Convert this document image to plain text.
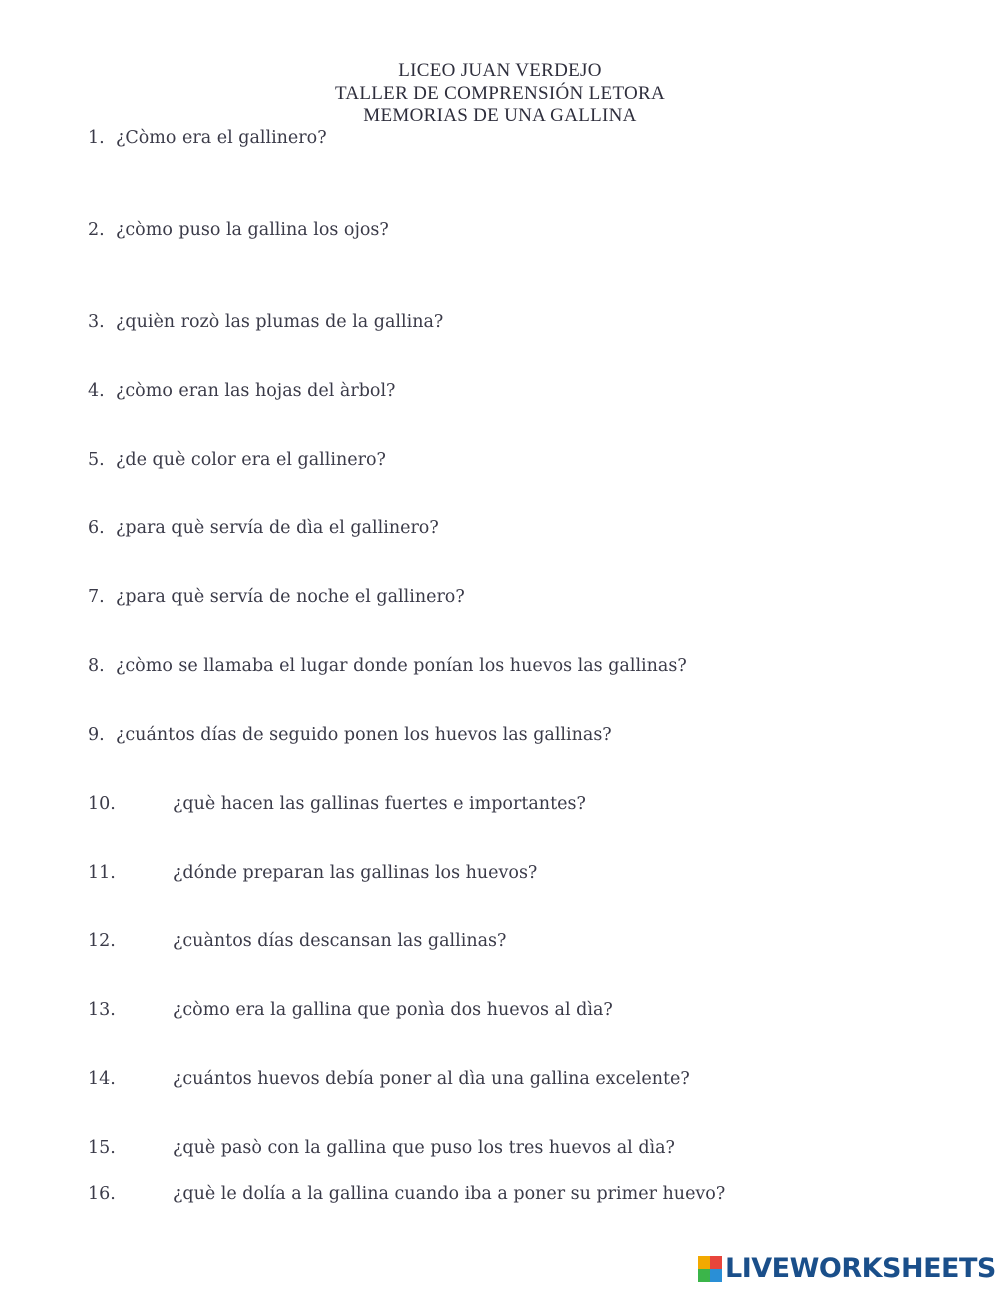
LICEO JUAN VERDEJO
TALLER DE COMPRENSIÓN LETORA
MEMORIAS DE UNA GALLINA
1. ¿Còmo era el gallinero?
2. ¿còmo puso la gallina los ojos?
3. ¿quièn rozò las plumas de la gallina?
4. ¿còmo eran las hojas del àrbol?
5. ¿de què color era el gallinero?
6. ¿para què servía de dìa el gallinero?
7. ¿para què servía de noche el gallinero?
8. ¿còmo se llamaba el lugar donde ponían los huevos las gallinas?
9. ¿cuántos días de seguido ponen los huevos las gallinas?
10.	¿què hacen las gallinas fuertes e importantes?
11.	¿dónde preparan las gallinas los huevos?
12.	¿cuàntos días descansan las gallinas?
13.	¿còmo era la gallina que ponìa dos huevos al dìa?
14.	¿cuántos huevos debía poner al dìa una gallina excelente?
15.	¿què pasò con la gallina que puso los tres huevos al dìa?
16.	¿què le dolía a la gallina cuando iba a poner su primer huevo?
LIVEWORKSHEETS
